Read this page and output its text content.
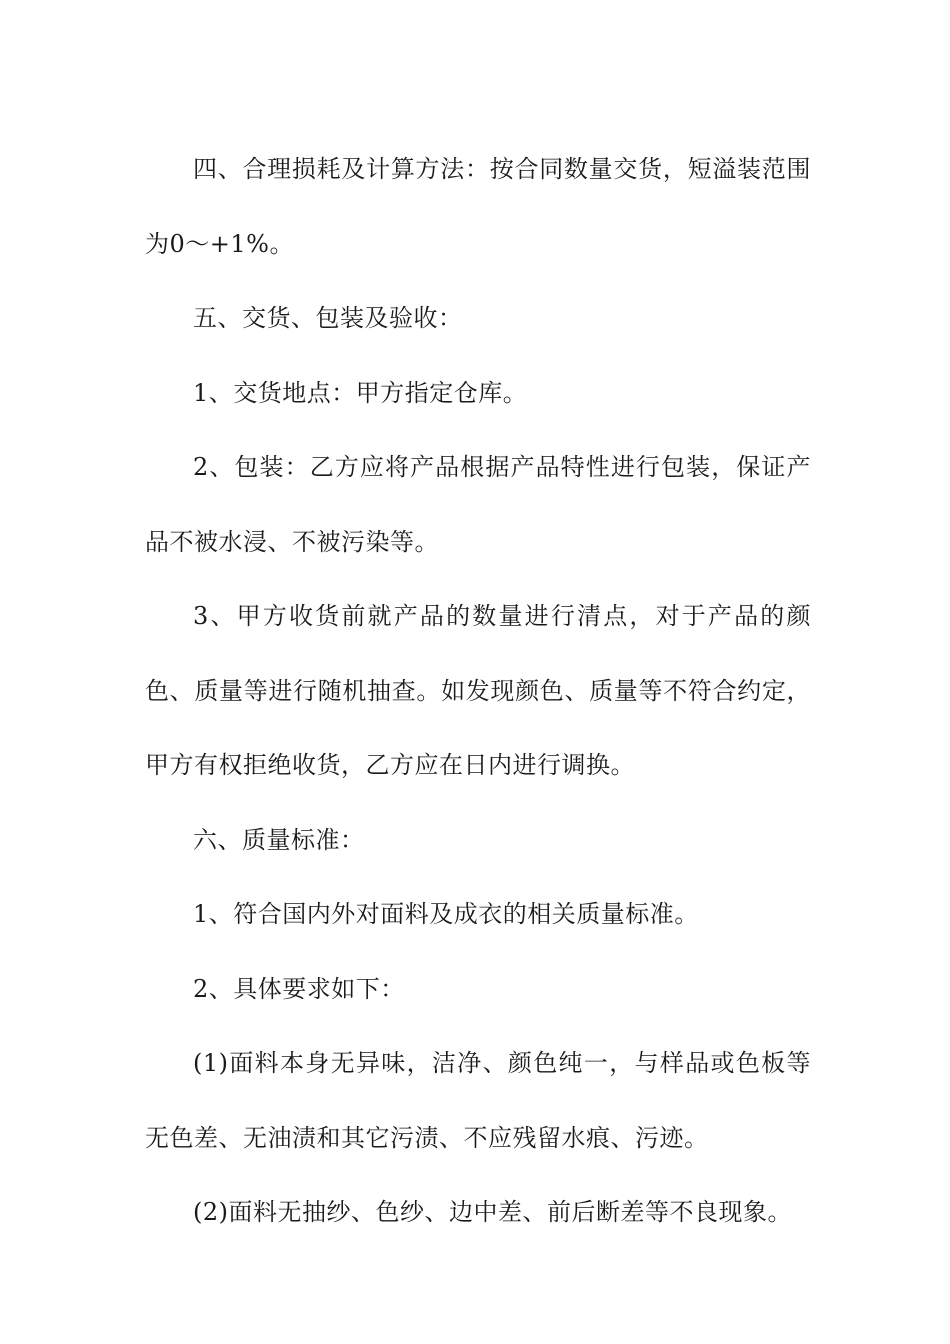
四、合理损耗及计算方法：按合同数量交货，短溢装范围为0～+1%。

五、交货、包装及验收：

1、交货地点：甲方指定仓库。

2、包装：乙方应将产品根据产品特性进行包装，保证产品不被水浸、不被污染等。

3、甲方收货前就产品的数量进行清点，对于产品的颜色、质量等进行随机抽查。如发现颜色、质量等不符合约定，甲方有权拒绝收货，乙方应在日内进行调换。

六、质量标准：

1、符合国内外对面料及成衣的相关质量标准。

2、具体要求如下：

(1)面料本身无异味，洁净、颜色纯一，与样品或色板等无色差、无油渍和其它污渍、不应残留水痕、污迹。

(2)面料无抽纱、色纱、边中差、前后断差等不良现象。
